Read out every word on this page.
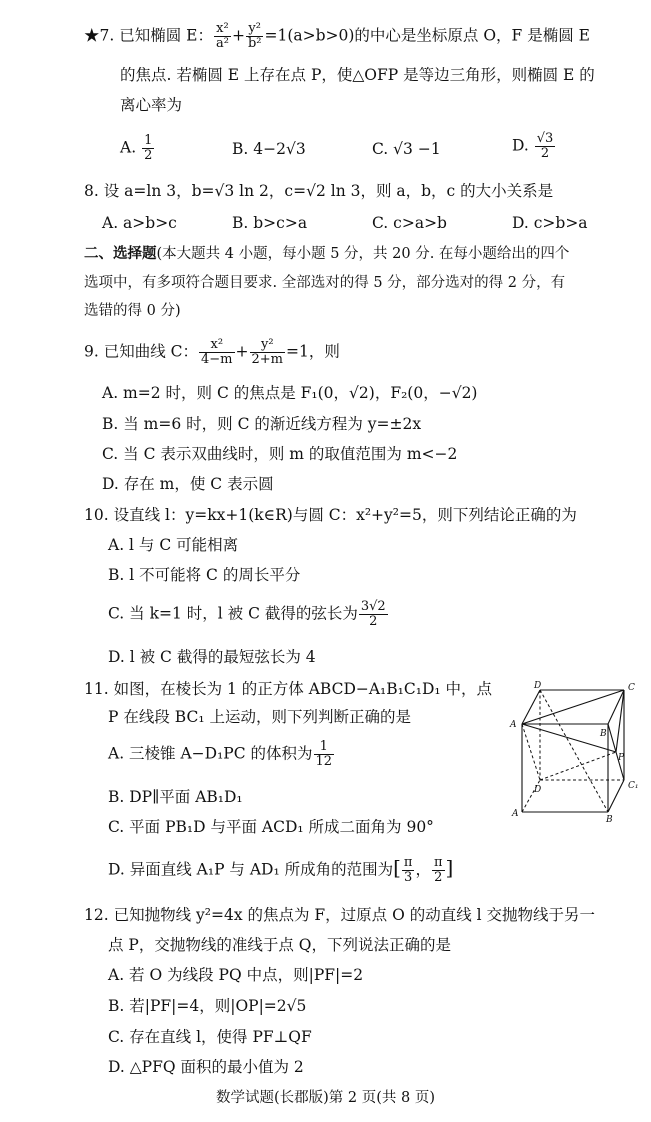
★7. 已知椭圆 E： $\frac{\text{x²}}{\text{a²}} + \frac{\text{y²}}{\text{b²}} =1(a>b>0)$的中心是坐标原点 O，F 是椭圆 E
的焦点. 若椭圆 E 上存在点 P，使△OFP 是等边三角形，则椭圆 E 的
离心率为
A. $\frac{1}{2}$	B. 4−2√3	C. √3 −1	D. $\frac{√3}{2}$
8. 设 a=ln 3，b=√3 ln 2，c=√2 ln 3，则 a，b，c 的大小关系是
A. a>b>c	B. b>c>a	C. c>a>b	D. c>b>a
二、选择题(本大题共 4 小题，每小题 5 分，共 20 分. 在每小题给出的四个
选项中，有多项符合题目要求. 全部选对的得 5 分，部分选对的得 2 分，有
选错的得 0 分)
9. 已知曲线 C： $\frac{\text{x²}}{4-m} + \frac{\text{y²}}{2+m} =1$，则
A. m=2 时，则 C 的焦点是 F₁(0，√2)，F₂(0，−√2)
B. 当 m=6 时，则 C 的渐近线方程为 y=±2x
C. 当 C 表示双曲线时，则 m 的取值范围为 m<−2
D. 存在 m，使 C 表示圆
10. 设直线 l：y=kx+1(k∈R)与圆 C：x²+y²=5，则下列结论正确的为
A. l 与 C 可能相离
B. l 不可能将 C 的周长平分
C. 当 k=1 时，l 被 C 截得的弦长为 $\frac{3√2}{2}$
D. l 被 C 截得的最短弦长为 4
11. 如图，在棱长为 1 的正方体 ABCD−A₁B₁C₁D₁ 中，点
P 在线段 BC₁ 上运动，则下列判断正确的是
A. 三棱锥 A−D₁PC 的体积为 $\frac{1}{12}$
B. DP∥平面 AB₁D₁
C. 平面 PB₁D 与平面 ACD₁ 所成二面角为 90°
D. 异面直线 A₁P 与 AD₁ 所成角的范围为[ $\frac{\pi}{3}$ ， $\frac{\pi}{2}$ ]
D	C
A
B
P
D	C₁
A
B
12. 已知抛物线 y²=4x 的焦点为 F，过原点 O 的动直线 l 交抛物线于另一
点 P，交抛物线的准线于点 Q，下列说法正确的是
A. 若 O 为线段 PQ 中点，则|PF|=2
B. 若|PF|=4，则|OP|=2√5
C. 存在直线 l，使得 PF⊥QF
D. △PFQ 面积的最小值为 2
数学试题(长郡版)第 2 页(共 8 页)
